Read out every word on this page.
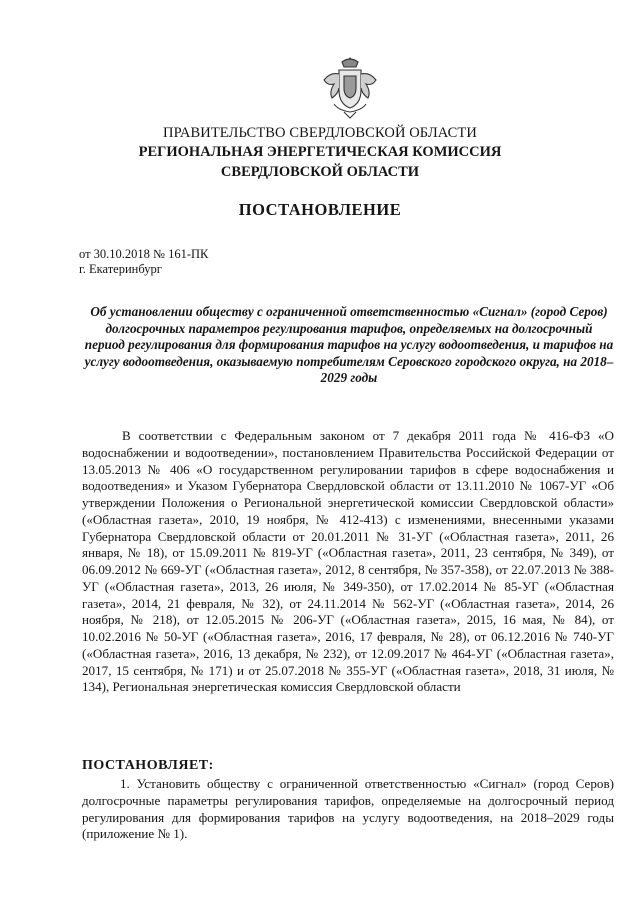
ПРАВИТЕЛЬСТВО СВЕРДЛОВСКОЙ ОБЛАСТИ
РЕГИОНАЛЬНАЯ ЭНЕРГЕТИЧЕСКАЯ КОМИССИЯ
СВЕРДЛОВСКОЙ ОБЛАСТИ
ПОСТАНОВЛЕНИЕ
от 30.10.2018 № 161-ПК
г. Екатеринбург
Об установлении обществу с ограниченной ответственностью «Сигнал» (город Серов) долгосрочных параметров регулирования тарифов, определяемых на долгосрочный период регулирования для формирования тарифов на услугу водоотведения, и тарифов на услугу водоотведения, оказываемую потребителям Серовского городского округа, на 2018–2029 годы
В соответствии с Федеральным законом от 7 декабря 2011 года № 416-ФЗ «О водоснабжении и водоотведении», постановлением Правительства Российской Федерации от 13.05.2013 № 406 «О государственном регулировании тарифов в сфере водоснабжения и водоотведения» и Указом Губернатора Свердловской области от 13.11.2010 № 1067-УГ «Об утверждении Положения о Региональной энергетической комиссии Свердловской области» («Областная газета», 2010, 19 ноября, № 412-413) с изменениями, внесенными указами Губернатора Свердловской области от 20.01.2011 № 31-УГ («Областная газета», 2011, 26 января, № 18), от 15.09.2011 № 819-УГ («Областная газета», 2011, 23 сентября, № 349), от 06.09.2012 № 669-УГ («Областная газета», 2012, 8 сентября, № 357-358), от 22.07.2013 № 388-УГ («Областная газета», 2013, 26 июля, № 349-350), от 17.02.2014 № 85-УГ («Областная газета», 2014, 21 февраля, № 32), от 24.11.2014 № 562-УГ («Областная газета», 2014, 26 ноября, № 218), от 12.05.2015 № 206-УГ («Областная газета», 2015, 16 мая, № 84), от 10.02.2016 № 50-УГ («Областная газета», 2016, 17 февраля, № 28), от 06.12.2016 № 740-УГ («Областная газета», 2016, 13 декабря, № 232), от 12.09.2017 № 464-УГ («Областная газета», 2017, 15 сентября, № 171) и от 25.07.2018 № 355-УГ («Областная газета», 2018, 31 июля, № 134), Региональная энергетическая комиссия Свердловской области
ПОСТАНОВЛЯЕТ:
1. Установить обществу с ограниченной ответственностью «Сигнал» (город Серов) долгосрочные параметры регулирования тарифов, определяемые на долгосрочный период регулирования для формирования тарифов на услугу водоотведения, на 2018–2029 годы (приложение № 1).
